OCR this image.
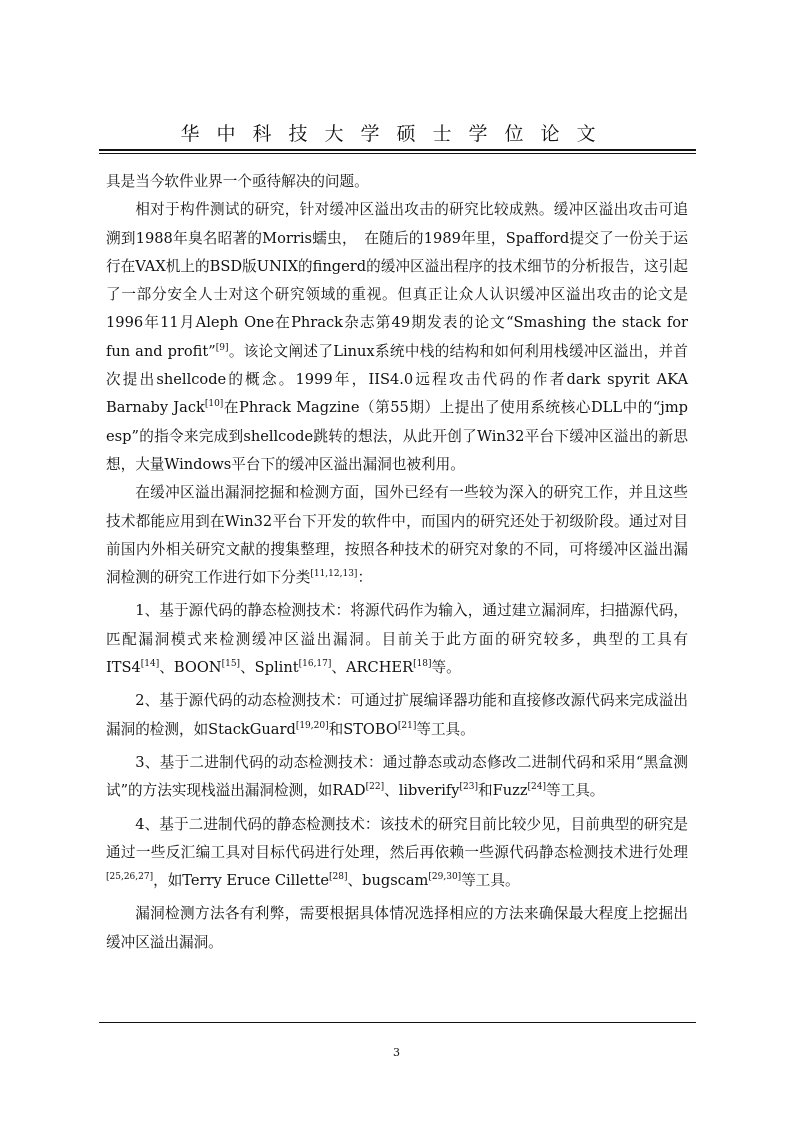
华中科技大学硕士学位论文

具是当今软件业界一个亟待解决的问题。

相对于构件测试的研究，针对缓冲区溢出攻击的研究比较成熟。缓冲区溢出攻击可追溯到1988年臭名昭著的Morris蠕虫，　在随后的1989年里，Spafford提交了一份关于运行在VAX机上的BSD版UNIX的fingerd的缓冲区溢出程序的技术细节的分析报告，这引起了一部分安全人士对这个研究领域的重视。但真正让众人认识缓冲区溢出攻击的论文是1996年11月Aleph One在Phrack杂志第49期发表的论文“Smashing the stack for fun and profit”[9]。该论文阐述了Linux系统中栈的结构和如何利用栈缓冲区溢出，并首次提出shellcode的概念。1999年，IIS4.0远程攻击代码的作者dark spyrit AKA Barnaby Jack[10]在Phrack Magzine（第55期）上提出了使用系统核心DLL中的“jmp esp”的指令来完成到shellcode跳转的想法，从此开创了Win32平台下缓冲区溢出的新思想，大量Windows平台下的缓冲区溢出漏洞也被利用。

在缓冲区溢出漏洞挖掘和检测方面，国外已经有一些较为深入的研究工作，并且这些技术都能应用到在Win32平台下开发的软件中，而国内的研究还处于初级阶段。通过对目前国内外相关研究文献的搜集整理，按照各种技术的研究对象的不同，可将缓冲区溢出漏洞检测的研究工作进行如下分类[11,12,13]：

1、基于源代码的静态检测技术：将源代码作为输入，通过建立漏洞库，扫描源代码，匹配漏洞模式来检测缓冲区溢出漏洞。目前关于此方面的研究较多，典型的工具有ITS4[14]、BOON[15]、Splint[16,17]、ARCHER[18]等。

2、基于源代码的动态检测技术：可通过扩展编译器功能和直接修改源代码来完成溢出漏洞的检测，如StackGuard[19,20]和STOBO[21]等工具。

3、基于二进制代码的动态检测技术：通过静态或动态修改二进制代码和采用“黑盒测试”的方法实现栈溢出漏洞检测，如RAD[22]、libverify[23]和Fuzz[24]等工具。

4、基于二进制代码的静态检测技术：该技术的研究目前比较少见，目前典型的研究是通过一些反汇编工具对目标代码进行处理，然后再依赖一些源代码静态检测技术进行处理[25,26,27]，如Terry Eruce Cillette[28]、bugscam[29,30]等工具。

漏洞检测方法各有利弊，需要根据具体情况选择相应的方法来确保最大程度上挖掘出缓冲区溢出漏洞。

3
